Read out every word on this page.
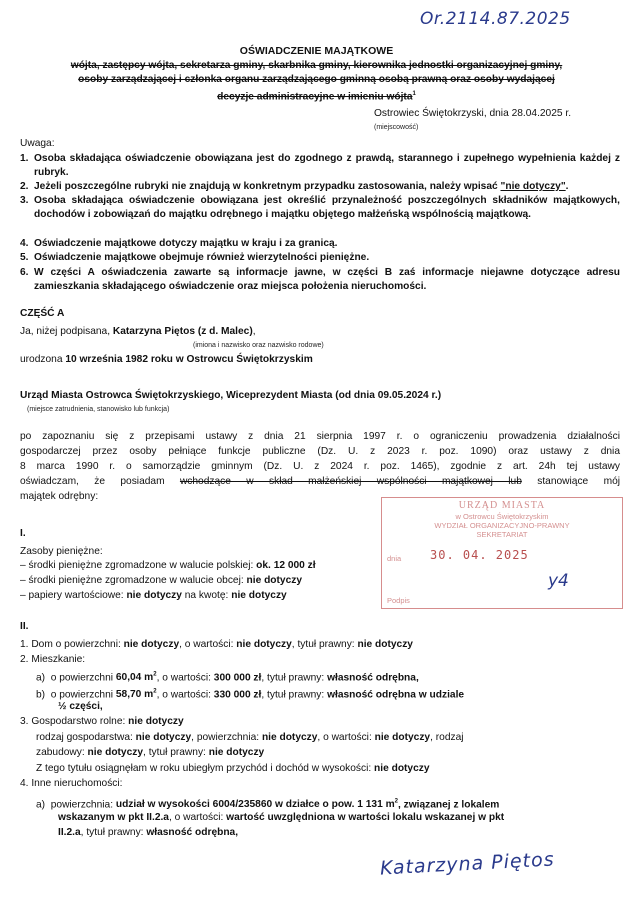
Or.2114.87.2025
OŚWIADCZENIE MAJĄTKOWE
wójta, zastępcy wójta, sekretarza gminy, skarbnika gminy, kierownika jednostki organizacyjnej gminy,
osoby zarządzającej i członka organu zarządzającego gminną osobą prawną oraz osoby wydającej
decyzje administracyjne w imieniu wójta$^1$
Ostrowiec Świętokrzyski, dnia 28.04.2025 r.
(miejscowość)
Uwaga:
1. Osoba składająca oświadczenie obowiązana jest do zgodnego z prawdą, starannego i zupełnego wypełnienia każdej z rubryk.
2. Jeżeli poszczególne rubryki nie znajdują w konkretnym przypadku zastosowania, należy wpisać "nie dotyczy".
3. Osoba składająca oświadczenie obowiązana jest określić przynależność poszczególnych składników majątkowych, dochodów i zobowiązań do majątku odrębnego i majątku objętego małżeńską wspólnością majątkową.
4. Oświadczenie majątkowe dotyczy majątku w kraju i za granicą.
5. Oświadczenie majątkowe obejmuje również wierzytelności pieniężne.
6. W części A oświadczenia zawarte są informacje jawne, w części B zaś informacje niejawne dotyczące adresu zamieszkania składającego oświadczenie oraz miejsca położenia nieruchomości.
CZĘŚĆ A
Ja, niżej podpisana, Katarzyna Piętos (z d. Malec),
(imiona i nazwisko oraz nazwisko rodowe)
urodzona 10 września 1982 roku w Ostrowcu Świętokrzyskim
Urząd Miasta Ostrowca Świętokrzyskiego, Wiceprezydent Miasta (od dnia 09.05.2024 r.)
(miejsce zatrudnienia, stanowisko lub funkcja)
po zapoznaniu się z przepisami ustawy z dnia 21 sierpnia 1997 r. o ograniczeniu prowadzenia działalności
gospodarczej przez osoby pełniące funkcje publiczne (Dz. U. z 2023 r. poz. 1090) oraz ustawy z dnia
8 marca 1990 r. o samorządzie gminnym (Dz. U. z 2024 r. poz. 1465), zgodnie z art. 24h tej ustawy
oświadczam, że posiadam wchodzące w skład małżeńskiej wspólności majątkowej lub stanowiące mój
majątek odrębny:
I.
Zasoby pieniężne:
– środki pieniężne zgromadzone w walucie polskiej: ok. 12 000 zł
– środki pieniężne zgromadzone w walucie obcej: nie dotyczy
– papiery wartościowe: nie dotyczy na kwotę: nie dotyczy
URZĄD MIASTA
w Ostrowcu Świętokrzyskim
WYDZIAŁ ORGANIZACYJNO-PRAWNY
SEKRETARIAT
dnia 30. 04. 2025
Podpis
y4
II.
1. Dom o powierzchni: nie dotyczy, o wartości: nie dotyczy, tytuł prawny: nie dotyczy
2. Mieszkanie:
a) o powierzchni 60,04 $m^2$, o wartości: 300 000 zł, tytuł prawny: własność odrębna,
b) o powierzchni 58,70 $m^2$, o wartości: 330 000 zł, tytuł prawny: własność odrębna w udziale
½ części,
3. Gospodarstwo rolne: nie dotyczy
rodzaj gospodarstwa: nie dotyczy, powierzchnia: nie dotyczy, o wartości: nie dotyczy, rodzaj
zabudowy: nie dotyczy, tytuł prawny: nie dotyczy
Z tego tytułu osiągnęłam w roku ubiegłym przychód i dochód w wysokości: nie dotyczy
4. Inne nieruchomości:
a) powierzchnia: udział w wysokości 6004/235860 w działce o pow. 1 131 $m^2$, związanej z lokalem
wskazanym w pkt II.2.a, o wartości: wartość uwzględniona w wartości lokalu wskazanej w pkt
II.2.a, tytuł prawny: własność odrębna,
Katarzyna Piętos
